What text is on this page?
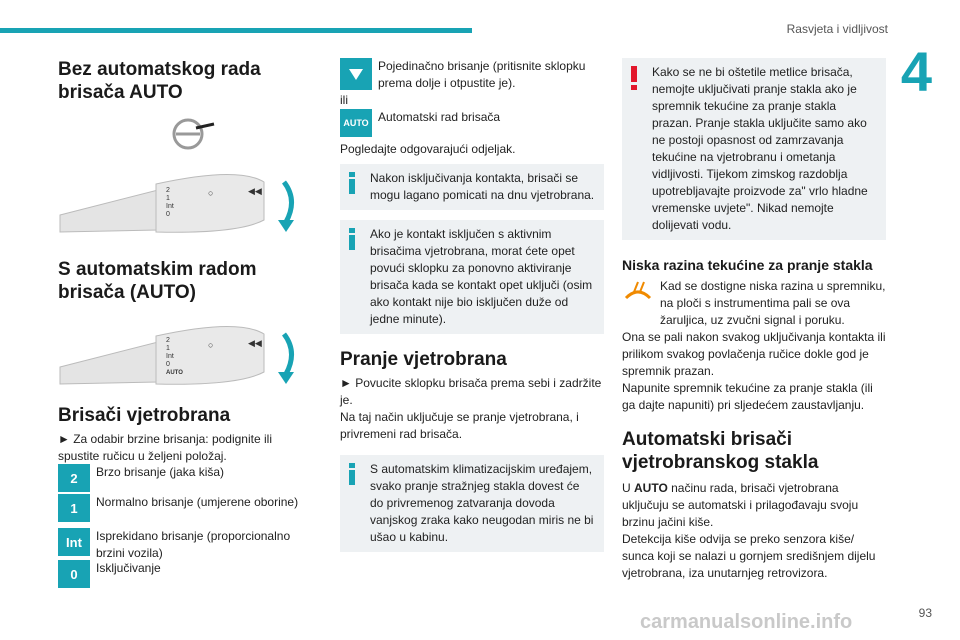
Rasvjeta i vidljivost
4
Bez automatskog rada brisača AUTO
2
1
Int
0
○	◀◀
S automatskim radom brisača (AUTO)
2
1
Int
0
AUTO
○	◀◀
Brisači vjetrobrana

► Za odabir brzine brisanja: podignite ili spustite ručicu u željeni položaj.

2	Brzo brisanje (jaka kiša)
1	Normalno brisanje (umjerene oborine)
Int	Isprekidano brisanje (proporcionalno brzini vozila)
0	Isključivanje

Pojedinačno brisanje (pritisnite sklopku prema dolje i otpustite je).

ili

AUTO Automatski rad brisača

Pogledajte odgovarajući odjeljak.

Nakon isključivanja kontakta, brisači se mogu lagano pomicati na dnu vjetrobrana.

Ako je kontakt isključen s aktivnim brisačima vjetrobrana, morat ćete opet povući sklopku za ponovno aktiviranje brisača kada se kontakt opet uključi (osim ako kontakt nije bio isključen duže od jedne minute).

Pranje vjetrobrana

► Povucite sklopku brisača prema sebi i zadržite je.

Na taj način uključuje se pranje vjetrobrana, i privremeni rad brisača.

S automatskim klimatizacijskim uređajem, svako pranje stražnjeg stakla dovest će do privremenog zatvaranja dovoda vanjskog zraka kako neugodan miris ne bi ušao u kabinu.

Kako se ne bi oštetile metlice brisača, nemojte uključivati pranje stakla ako je spremnik tekućine za pranje stakla prazan. Pranje stakla uključite samo ako ne postoji opasnost od zamrzavanja tekućine na vjetrobranu i ometanja vidljivosti. Tijekom zimskog razdoblja upotrebljavajte proizvode za" vrlo hladne vremenske uvjete". Nikad nemojte dolijevati vodu.

Niska razina tekućine za pranje stakla

Kad se dostigne niska razina u spremniku, na ploči s instrumentima pali se ova žaruljica, uz zvučni signal i poruku.

Ona se pali nakon svakog uključivanja kontakta ili prilikom svakog povlačenja ručice dokle god je spremnik prazan.

Napunite spremnik tekućine za pranje stakla (ili ga dajte napuniti) pri sljedećem zaustavljanju.

Automatski brisači vjetrobranskog stakla

U AUTO načinu rada, brisači vjetrobrana uključuju se automatski i prilagođavaju svoju brzinu jačini kiše.

Detekcija kiše odvija se preko senzora kiše/ sunca koji se nalazi u gornjem središnjem dijelu vjetrobrana, iza unutarnjeg retrovizora.

carmanualsonline.info	93
